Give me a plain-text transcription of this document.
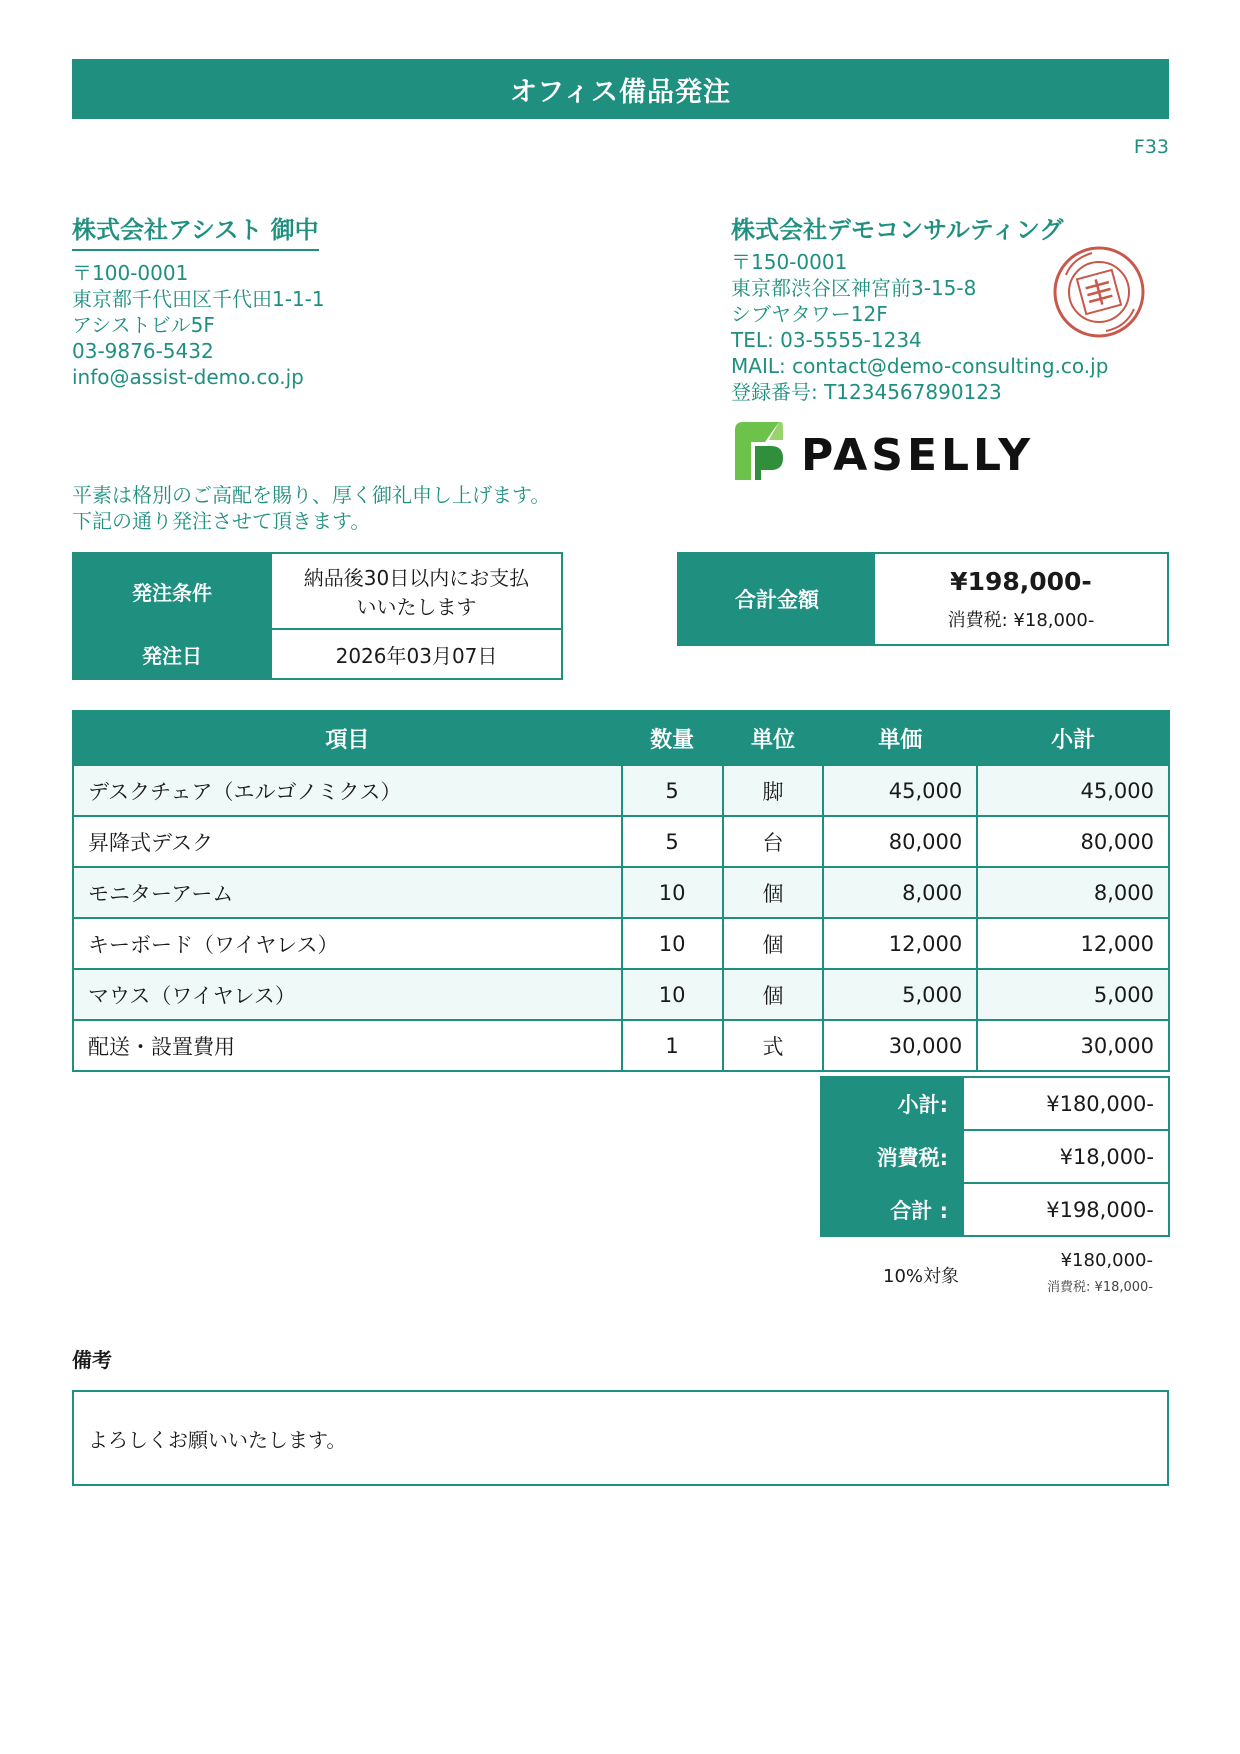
オフィス備品発注
F33
株式会社アシスト 御中
〒100-0001
東京都千代田区千代田1-1-1
アシストビル5F
03-9876-5432
info@assist-demo.co.jp
株式会社デモコンサルティング
〒150-0001
東京都渋谷区神宮前3-15-8
シブヤタワー12F
TEL: 03-5555-1234
MAIL: contact@demo-consulting.co.jp
登録番号: T1234567890123
PASELLY
平素は格別のご高配を賜り、厚く御礼申し上げます。
下記の通り発注させて頂きます。
発注条件	納品後30日以内にお支払
いいたします

発注日	2026年03月07日
合計金額
¥198,000-
消費税: ¥18,000-
項目	数量	単位	単価	小計
デスクチェア（エルゴノミクス）	5	脚	45,000	45,000
昇降式デスク	5	台	80,000	80,000
モニターアーム	10	個	8,000	8,000
キーボード（ワイヤレス）	10	個	12,000	12,000
マウス（ワイヤレス）	10	個	5,000	5,000
配送・設置費用	1	式	30,000	30,000
小計:	¥180,000-
消費税:	¥18,000-
合計 :	¥198,000-
10%対象
¥180,000-
消費税: ¥18,000-
備考
よろしくお願いいたします。
